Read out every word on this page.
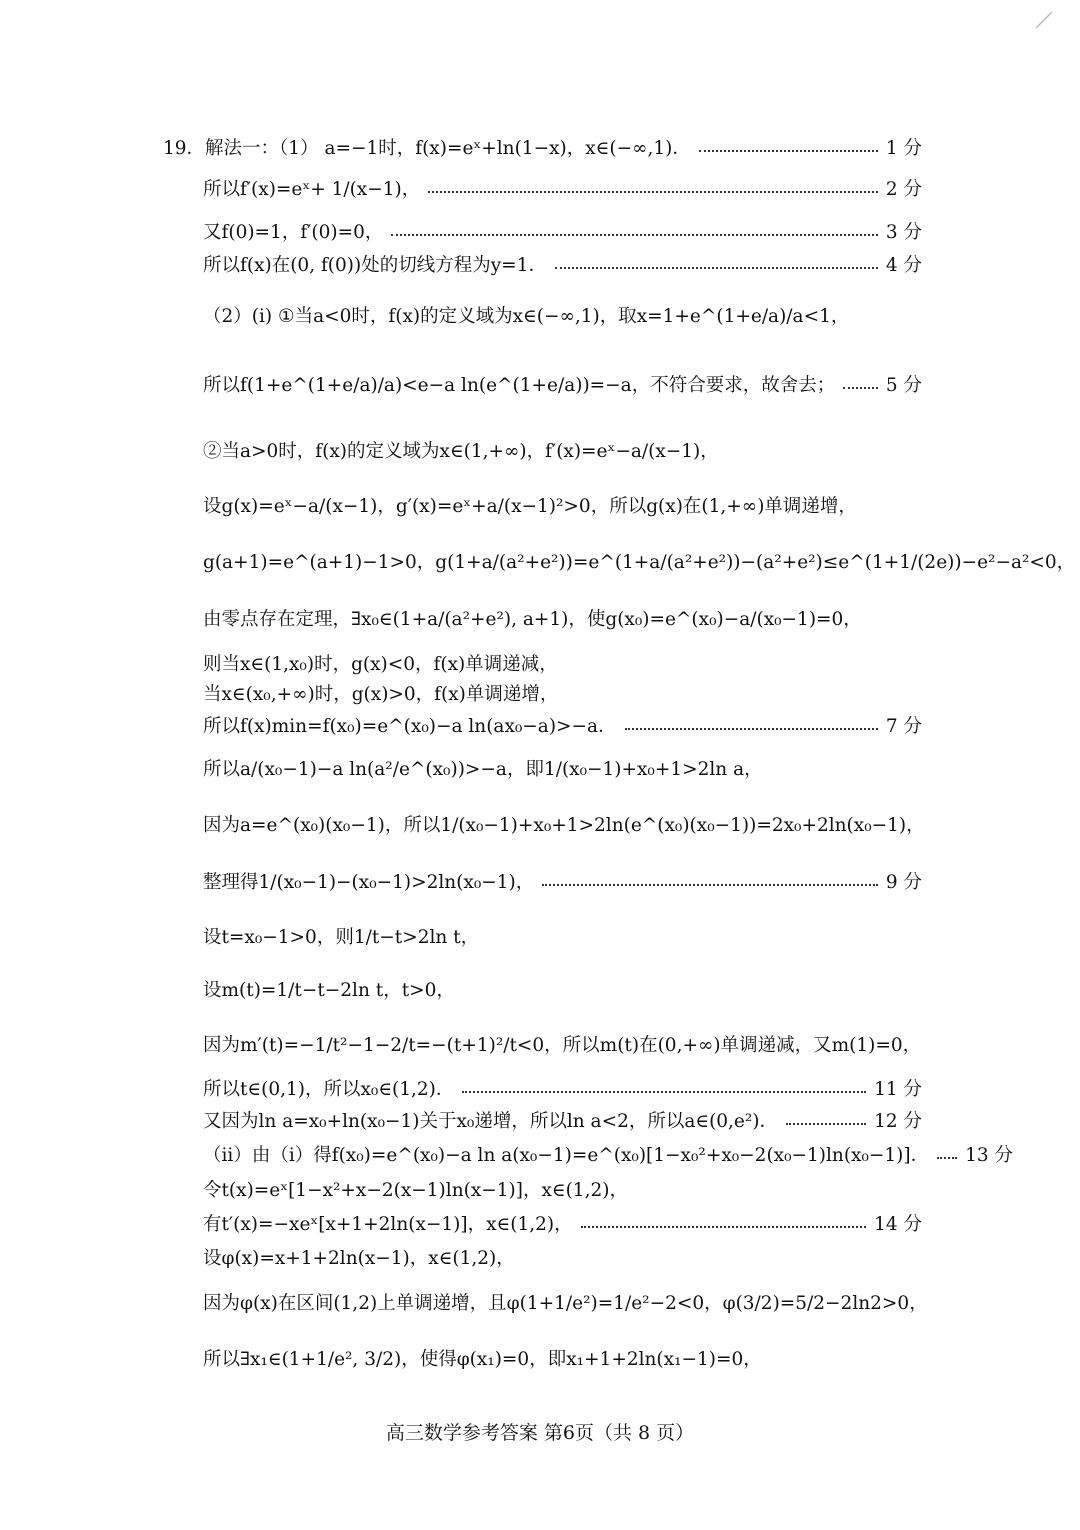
19．解法一：（1） a=−1时，f(x)=eˣ+ln(1−x)，x∈(−∞,1)．	1 分
所以f′(x)=eˣ+ 1/(x−1)，	2 分
又f(0)=1，f′(0)=0，	3 分
所以f(x)在(0, f(0))处的切线方程为y=1．	4 分
（2）(i) ①当a<0时，f(x)的定义域为x∈(−∞,1)，取x=1+e^(1+e/a)/a<1，
所以f(1+e^(1+e/a)/a)<e−a ln(e^(1+e/a))=−a，不符合要求，故舍去；	5 分
②当a>0时，f(x)的定义域为x∈(1,+∞)，f′(x)=eˣ−a/(x−1)，
设g(x)=eˣ−a/(x−1)，g′(x)=eˣ+a/(x−1)²>0，所以g(x)在(1,+∞)单调递增，
g(a+1)=e^(a+1)−1>0，g(1+a/(a²+e²))=e^(1+a/(a²+e²))−(a²+e²)≤e^(1+1/(2e))−e²−a²<0，
由零点存在定理，∃x₀∈(1+a/(a²+e²), a+1)，使g(x₀)=e^(x₀)−a/(x₀−1)=0，
则当x∈(1,x₀)时，g(x)<0，f(x)单调递减，
当x∈(x₀,+∞)时，g(x)>0，f(x)单调递增，
所以f(x)min=f(x₀)=e^(x₀)−a ln(ax₀−a)>−a．	7 分
所以a/(x₀−1)−a ln(a²/e^(x₀))>−a，即1/(x₀−1)+x₀+1>2ln a，
因为a=e^(x₀)(x₀−1)，所以1/(x₀−1)+x₀+1>2ln(e^(x₀)(x₀−1))=2x₀+2ln(x₀−1)，
整理得1/(x₀−1)−(x₀−1)>2ln(x₀−1)，	9 分
设t=x₀−1>0，则1/t−t>2ln t，
设m(t)=1/t−t−2ln t，t>0，
因为m′(t)=−1/t²−1−2/t=−(t+1)²/t<0，所以m(t)在(0,+∞)单调递减，又m(1)=0，
所以t∈(0,1)，所以x₀∈(1,2)．	11 分
又因为ln a=x₀+ln(x₀−1)关于x₀递增，所以ln a<2，所以a∈(0,e²)．	12 分
（ii）由（i）得f(x₀)=e^(x₀)−a ln a(x₀−1)=e^(x₀)[1−x₀²+x₀−2(x₀−1)ln(x₀−1)]． 13 分
令t(x)=eˣ[1−x²+x−2(x−1)ln(x−1)]，x∈(1,2)，
有t′(x)=−xeˣ[x+1+2ln(x−1)]，x∈(1,2)，	14 分
设φ(x)=x+1+2ln(x−1)，x∈(1,2)，
因为φ(x)在区间(1,2)上单调递增，且φ(1+1/e²)=1/e²−2<0，φ(3/2)=5/2−2ln2>0，
所以∃x₁∈(1+1/e², 3/2)，使得φ(x₁)=0，即x₁+1+2ln(x₁−1)=0，
高三数学参考答案 第6页（共 8 页）
